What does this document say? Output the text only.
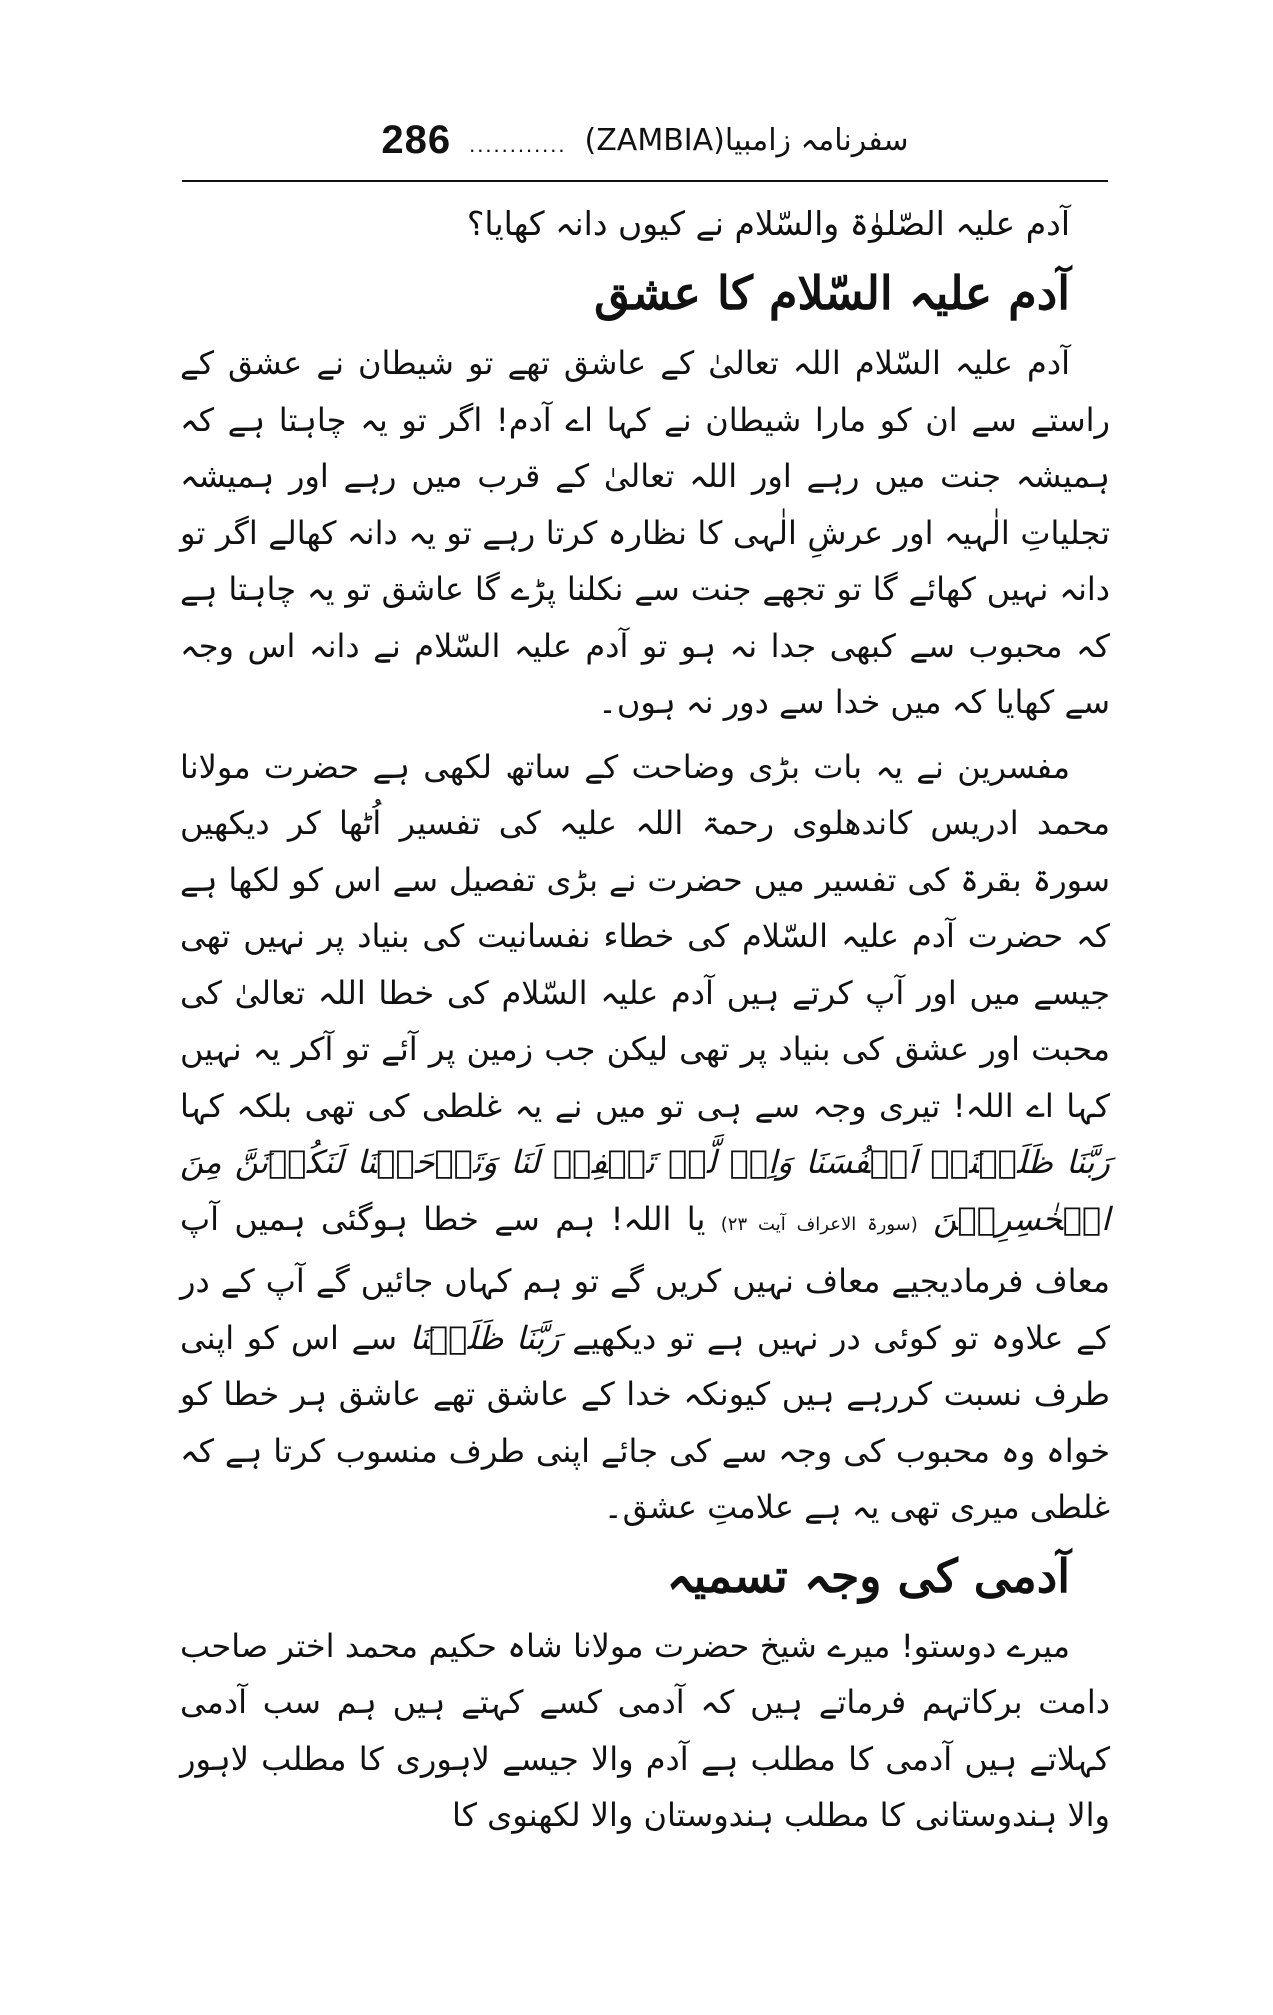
286 ............ سفرنامہ زامبیا(ZAMBIA)

آدم علیہ الصّلوٰۃ والسّلام نے کیوں دانہ کھایا؟

آدم علیہ السّلام کا عشق

آدم علیہ السّلام اللہ تعالیٰ کے عاشق تھے تو شیطان نے عشق کے راستے سے ان کو مارا شیطان نے کہا اے آدم! اگر تو یہ چاہتا ہے کہ ہمیشہ جنت میں رہے اور اللہ تعالیٰ کے قرب میں رہے اور ہمیشہ تجلیاتِ الٰہیہ اور عرشِ الٰہی کا نظارہ کرتا رہے تو یہ دانہ کھالے اگر تو دانہ نہیں کھائے گا تو تجھے جنت سے نکلنا پڑے گا عاشق تو یہ چاہتا ہے کہ محبوب سے کبھی جدا نہ ہو تو آدم علیہ السّلام نے دانہ اس وجہ سے کھایا کہ میں خدا سے دور نہ ہوں۔

مفسرین نے یہ بات بڑی وضاحت کے ساتھ لکھی ہے حضرت مولانا محمد ادریس کاندھلوی رحمۃ اللہ علیہ کی تفسیر اُٹھا کر دیکھیں سورۃ بقرۃ کی تفسیر میں حضرت نے بڑی تفصیل سے اس کو لکھا ہے کہ حضرت آدم علیہ السّلام کی خطاء نفسانیت کی بنیاد پر نہیں تھی جیسے میں اور آپ کرتے ہیں آدم علیہ السّلام کی خطا اللہ تعالیٰ کی محبت اور عشق کی بنیاد پر تھی لیکن جب زمین پر آئے تو آکر یہ نہیں کہا اے اللہ! تیری وجہ سے ہی تو میں نے یہ غلطی کی تھی بلکہ کہا رَبَّنَا ظَلَمۡنَاۤ اَنۡفُسَنَا وَاِنۡ لَّمۡ تَغۡفِرۡ لَنَا وَتَرۡحَمۡنَا لَنَکُوۡنَنَّ مِنَ الۡخٰسِرِیۡنَ (سورۃ الاعراف آیت ۲۳) یا اللہ! ہم سے خطا ہوگئی ہمیں آپ معاف فرمادیجیے معاف نہیں کریں گے تو ہم کہاں جائیں گے آپ کے در کے علاوہ تو کوئی در نہیں ہے تو دیکھیے رَبَّنَا ظَلَمۡنَا سے اس کو اپنی طرف نسبت کررہے ہیں کیونکہ خدا کے عاشق تھے عاشق ہر خطا کو خواہ وہ محبوب کی وجہ سے کی جائے اپنی طرف منسوب کرتا ہے کہ غلطی میری تھی یہ ہے علامتِ عشق۔

آدمی کی وجہ تسمیہ

میرے دوستو! میرے شیخ حضرت مولانا شاہ حکیم محمد اختر صاحب دامت برکاتہم فرماتے ہیں کہ آدمی کسے کہتے ہیں ہم سب آدمی کہلاتے ہیں آدمی کا مطلب ہے آدم والا جیسے لاہوری کا مطلب لاہور والا ہندوستانی کا مطلب ہندوستان والا لکھنوی کا
